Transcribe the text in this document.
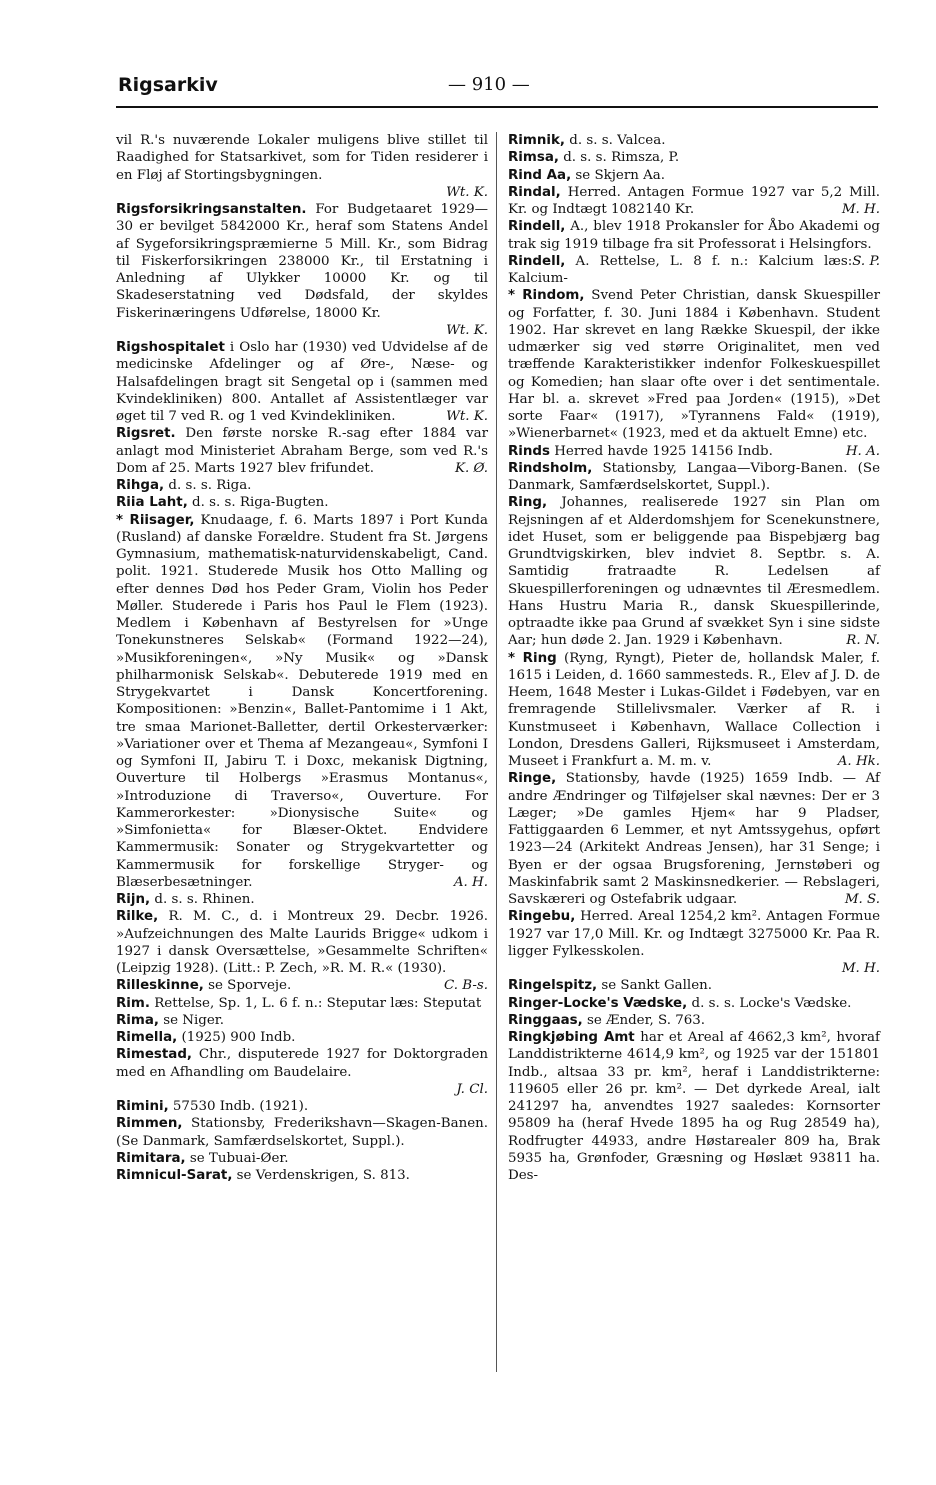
Rigsarkiv	— 910 —

vil R.'s nuværende Lokaler muligens blive stillet til Raadighed for Statsarkivet, som for Tiden residerer i en Fløj af Stortingsbygningen.

Wt. K.

Rigsforsikringsanstalten. For Budgetaaret 1929—30 er bevilget 5842000 Kr., heraf som Statens Andel af Sygeforsikringspræmierne 5 Mill. Kr., som Bidrag til Fiskerforsikringen 238000 Kr., til Erstatning i Anledning af Ulykker 10000 Kr. og til Skadeserstatning ved Dødsfald, der skyldes Fiskerinæringens Udførelse, 18000 Kr.

Wt. K.

Rigshospitalet i Oslo har (1930) ved Udvidelse af de medicinske Afdelinger og af Øre-, Næse- og Halsafdelingen bragt sit Sengetal op i (sammen med Kvindekliniken) 800. Antallet af Assistentlæger var øget til 7 ved R. og 1 ved Kvindekliniken.	Wt. K.

Rigsret. Den første norske R.-sag efter 1884 var anlagt mod Ministeriet Abraham Berge, som ved R.'s Dom af 25. Marts 1927 blev frifundet.	K. Ø.

Rihga, d. s. s. Riga.

Riia Laht, d. s. s. Riga-Bugten.

* Riisager, Knudaage, f. 6. Marts 1897 i Port Kunda (Rusland) af danske Forældre. Student fra St. Jørgens Gymnasium, mathematisk-naturvidenskabeligt, Cand. polit. 1921. Studerede Musik hos Otto Malling og efter dennes Død hos Peder Gram, Violin hos Peder Møller. Studerede i Paris hos Paul le Flem (1923). Medlem i København af Bestyrelsen for »Unge Tonekunstneres Selskab« (Formand 1922—24), »Musikforeningen«, »Ny Musik« og »Dansk philharmonisk Selskab«. Debuterede 1919 med en Strygekvartet i Dansk Koncertforening. Kompositionen: »Benzin«, Ballet-Pantomime i 1 Akt, tre smaa Marionet-Balletter, dertil Orkesterværker: »Variationer over et Thema af Mezangeau«, Symfoni I og Symfoni II, Jabiru T. i Doxc, mekanisk Digtning, Ouverture til Holbergs »Erasmus Montanus«, »Introduzione di Traverso«, Ouverture. For Kammerorkester: »Dionysische Suite« og »Simfonietta« for Blæser-Oktet. Endvidere Kammermusik: Sonater og Strygekvartetter og Kammermusik for forskellige Stryger- og Blæserbesætninger.	A. H.

Rijn, d. s. s. Rhinen.

Rilke, R. M. C., d. i Montreux 29. Decbr. 1926. »Aufzeichnungen des Malte Laurids Brigge« udkom i 1927 i dansk Oversættelse, »Gesammelte Schriften« (Leipzig 1928). (Litt.: P. Zech, »R. M. R.« (1930).
C. B-s.

Rilleskinne, se Sporveje.

Rim. Rettelse, Sp. 1, L. 6 f. n.: Steputar læs: Steputat

Rima, se Niger.

Rimella, (1925) 900 Indb.

Rimestad, Chr., disputerede 1927 for Doktorgraden med en Afhandling om Baudelaire.

J. Cl.

Rimini, 57530 Indb. (1921).

Rimmen, Stationsby, Frederikshavn—Skagen-Banen. (Se Danmark, Samfærdselskortet, Suppl.).

Rimitara, se Tubuai-Øer.

Rimnicul-Sarat, se Verdenskrigen, S. 813.

Rimnik, d. s. s. Valcea.

Rimsa, d. s. s. Rimsza, P.

Rind Aa, se Skjern Aa.

Rindal, Herred. Antagen Formue 1927 var 5,2 Mill. Kr. og Indtægt 1082140 Kr.	M. H.

Rindell, A., blev 1918 Prokansler for Åbo Akademi og trak sig 1919 tilbage fra sit Professorat i Helsingfors.
S. P.

Rindell, A. Rettelse, L. 8 f. n.: Kalcium læs: Kalcium-

* Rindom, Svend Peter Christian, dansk Skuespiller og Forfatter, f. 30. Juni 1884 i København. Student 1902. Har skrevet en lang Række Skuespil, der ikke udmærker sig ved større Originalitet, men ved træffende Karakteristikker indenfor Folkeskuespillet og Komedien; han slaar ofte over i det sentimentale. Har bl. a. skrevet »Fred paa Jorden« (1915), »Det sorte Faar« (1917), »Tyrannens Fald« (1919), »Wienerbarnet« (1923, med et da aktuelt Emne) etc.
H. A.

Rinds Herred havde 1925 14156 Indb.

Rindsholm, Stationsby, Langaa—Viborg-Banen. (Se Danmark, Samfærdselskortet, Suppl.).

Ring, Johannes, realiserede 1927 sin Plan om Rejsningen af et Alderdomshjem for Scenekunstnere, idet Huset, som er beliggende paa Bispebjærg bag Grundtvigskirken, blev indviet 8. Septbr. s. A. Samtidig fratraadte R. Ledelsen af Skuespillerforeningen og udnævntes til Æresmedlem. Hans Hustru Maria R., dansk Skuespillerinde, optraadte ikke paa Grund af svækket Syn i sine sidste Aar; hun døde 2. Jan. 1929 i København.	R. N.

* Ring (Ryng, Ryngt), Pieter de, hollandsk Maler, f. 1615 i Leiden, d. 1660 sammesteds. R., Elev af J. D. de Heem, 1648 Mester i Lukas-Gildet i Fødebyen, var en fremragende Stillelivsmaler. Værker af R. i Kunstmuseet i København, Wallace Collection i London, Dresdens Galleri, Rijksmuseet i Amsterdam, Museet i Frankfurt a. M. m. v.	A. Hk.

Ringe, Stationsby, havde (1925) 1659 Indb. — Af andre Ændringer og Tilføjelser skal nævnes: Der er 3 Læger; »De gamles Hjem« har 9 Pladser, Fattiggaarden 6 Lemmer, et nyt Amtssygehus, opført 1923—24 (Arkitekt Andreas Jensen), har 31 Senge; i Byen er der ogsaa Brugsforening, Jernstøberi og Maskinfabrik samt 2 Maskinsnedkerier. — Rebslageri, Savskæreri og Ostefabrik udgaar.	M. S.

Ringebu, Herred. Areal 1254,2 km². Antagen Formue 1927 var 17,0 Mill. Kr. og Indtægt 3275000 Kr. Paa R. ligger Fylkesskolen.

M. H.

Ringelspitz, se Sankt Gallen.

Ringer-Locke's Vædske, d. s. s. Locke's Vædske.

Ringgaas, se Ænder, S. 763.

Ringkjøbing Amt har et Areal af 4662,3 km², hvoraf Landdistrikterne 4614,9 km², og 1925 var der 151801 Indb., altsaa 33 pr. km², heraf i Landdistrikterne: 119605 eller 26 pr. km². — Det dyrkede Areal, ialt 241297 ha, anvendtes 1927 saaledes: Kornsorter 95809 ha (heraf Hvede 1895 ha og Rug 28549 ha), Rodfrugter 44933, andre Høstarealer 809 ha, Brak 5935 ha, Grønfoder, Græsning og Høslæt 93811 ha. Des-
